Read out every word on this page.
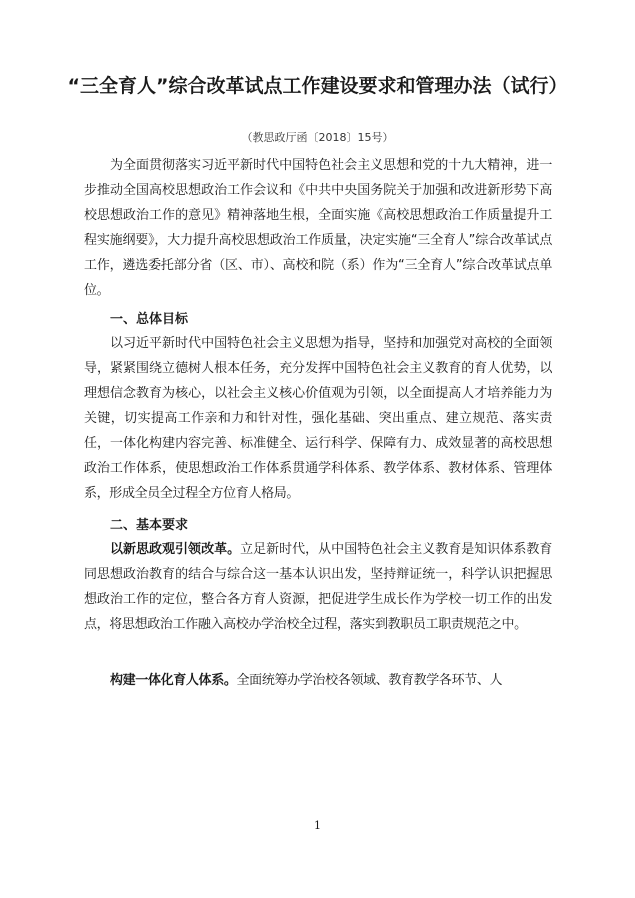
“三全育人”综合改革试点工作建设要求和管理办法（试行）

（教思政厅函〔2018〕15号）

为全面贯彻落实习近平新时代中国特色社会主义思想和党的十九大精神，进一步推动全国高校思想政治工作会议和《中共中央国务院关于加强和改进新形势下高校思想政治工作的意见》精神落地生根，全面实施《高校思想政治工作质量提升工程实施纲要》，大力提升高校思想政治工作质量，决定实施“三全育人”综合改革试点工作，遴选委托部分省（区、市）、高校和院（系）作为“三全育人”综合改革试点单位。

一、总体目标

以习近平新时代中国特色社会主义思想为指导，坚持和加强党对高校的全面领导，紧紧围绕立德树人根本任务，充分发挥中国特色社会主义教育的育人优势，以理想信念教育为核心，以社会主义核心价值观为引领，以全面提高人才培养能力为关键，切实提高工作亲和力和针对性，强化基础、突出重点、建立规范、落实责任，一体化构建内容完善、标准健全、运行科学、保障有力、成效显著的高校思想政治工作体系，使思想政治工作体系贯通学科体系、教学体系、教材体系、管理体系，形成全员全过程全方位育人格局。

二、基本要求

以新思政观引领改革。立足新时代，从中国特色社会主义教育是知识体系教育同思想政治教育的结合与综合这一基本认识出发，坚持辩证统一，科学认识把握思想政治工作的定位，整合各方育人资源，把促进学生成长作为学校一切工作的出发点，将思想政治工作融入高校办学治校全过程，落实到教职员工职责规范之中。

构建一体化育人体系。全面统筹办学治校各领域、教育教学各环节、人

1
